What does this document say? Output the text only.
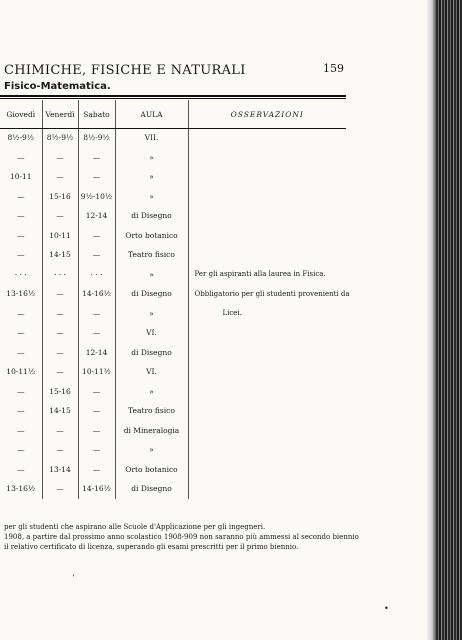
CHIMICHE, FISICHE E NATURALI	159
Fisico-Matematica.
Giovedì	Venerdì	Sabato	AULA	OSSERVAZIONI
8½-9½	8½-9½	8½-9½	VII.	
—	—	—	»	
10-11	—	—	»	
—	15-16	9½-10½	»	
—	—	12-14	di Disegno	
—	10-11	—	Orto botanico	
—	14-15	—	Teatro fisico	
· · ·	· · ·	· · ·	»	Per gli aspiranti alla laurea in Fisica.
13-16½	—	14-16½	di Disegno	Obbligatorio per gli studenti provenienti da
—	—	—	»	Licei.
—	—	—	VI.	
—	—	12-14	di Disegno	
10-11½	—	10-11½	VI.	
—	15-16	—	»	
—	14-15	—	Teatro fisico	
—	—	—	di Mineralogia	
—	—	—	»	
—	13-14	—	Orto botanico	
13-16½	—	14-16½	di Disegno	
per gli studenti che aspirano alle Scuole d'Applicazione per gli ingegneri.
1908, a partire dal prossimo anno scolastico 1908-909 non saranno più ammessi al secondo biennio
il relativo certificato di licenza, superando gli esami prescritti per il primo biennio.
ʼ
•
